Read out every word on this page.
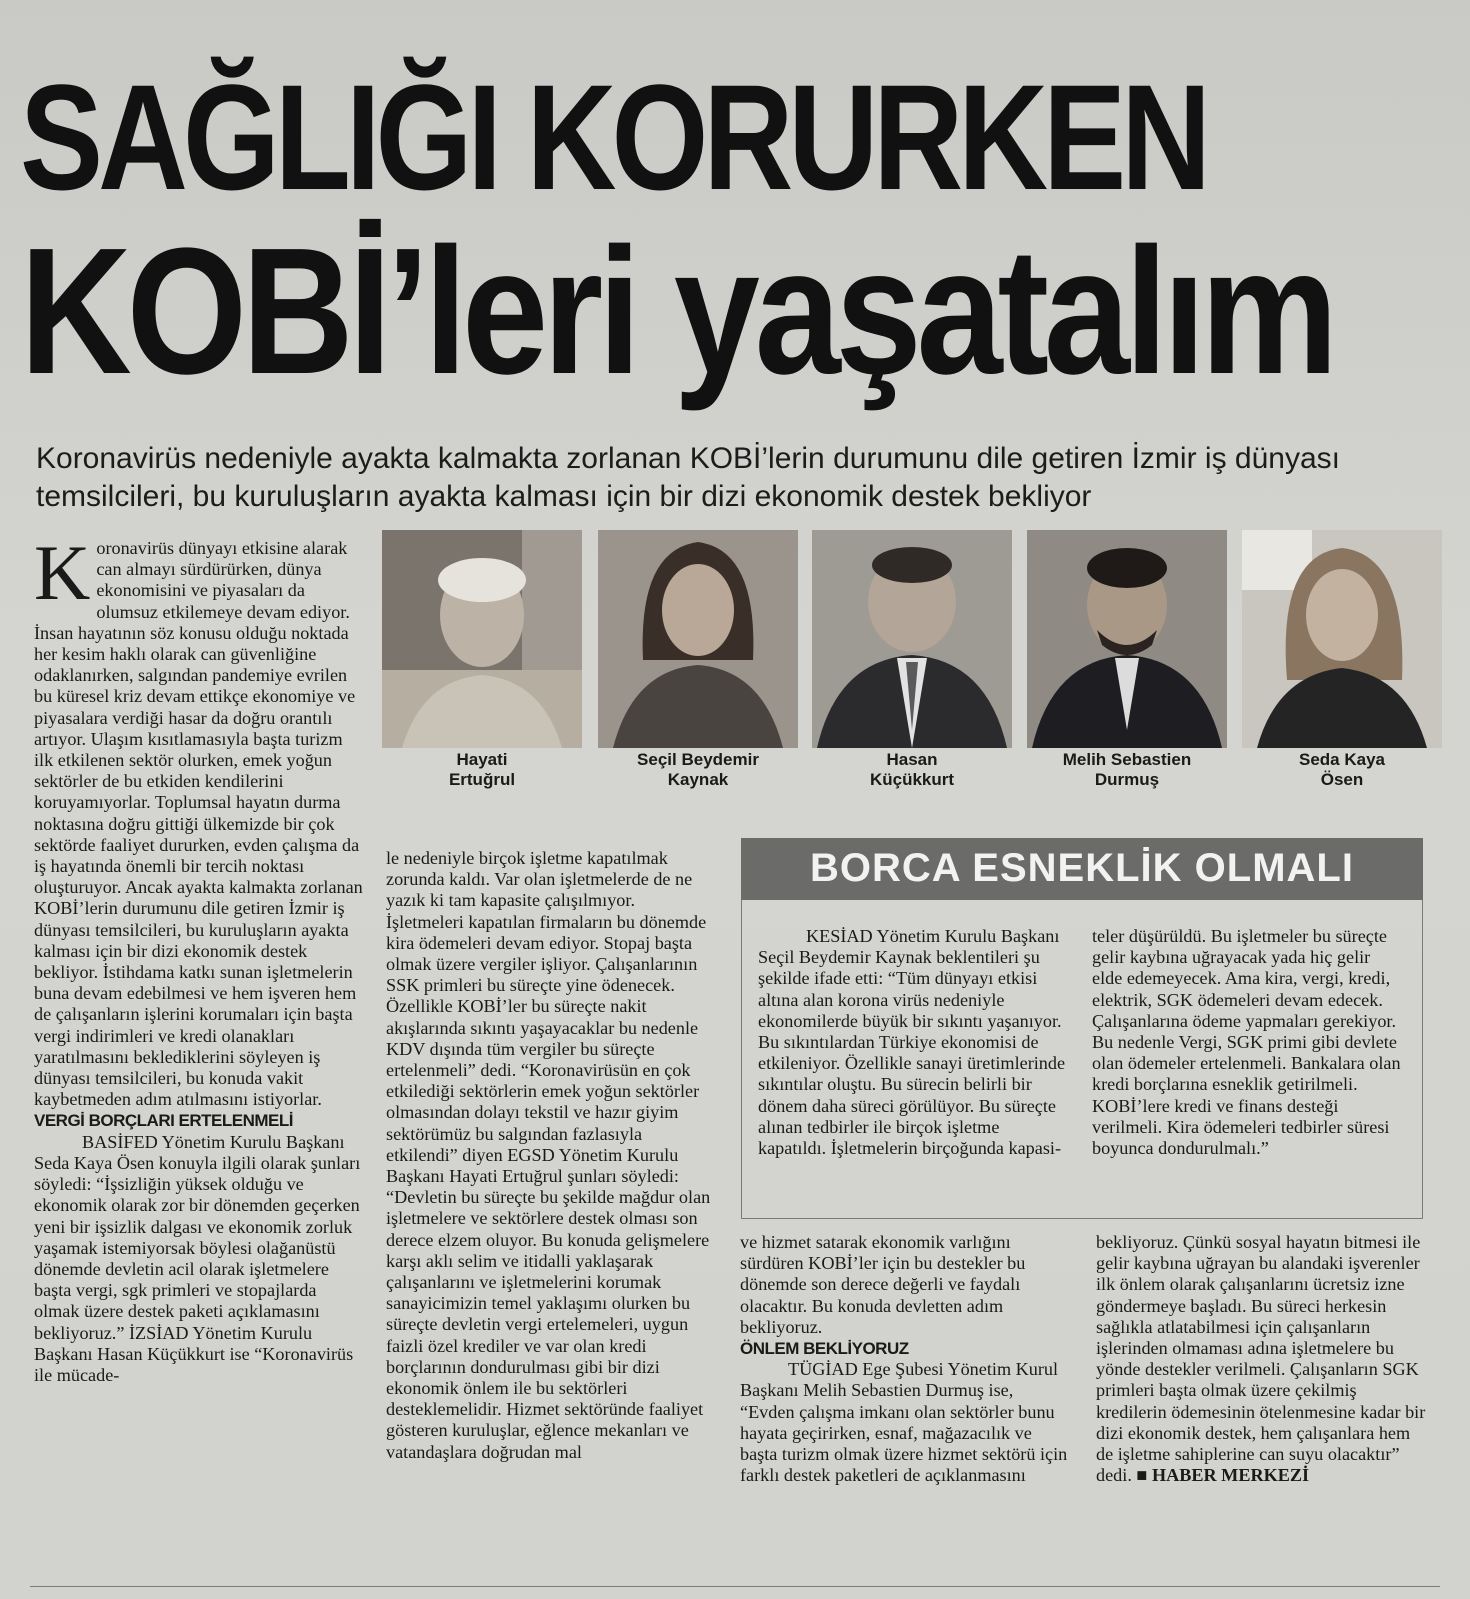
SAĞLIĞI KORURKEN
KOBİ’leri yaşatalım

Koronavirüs nedeniyle ayakta kalmakta zorlanan KOBİ’lerin durumunu dile getiren İzmir iş dünyası temsilcileri, bu kuruluşların ayakta kalması için bir dizi ekonomik destek bekliyor

Koronavirüs dünyayı etkisine alarak can almayı sürdürürken, dünya ekonomisini ve piyasaları da olumsuz etkilemeye devam ediyor. İnsan hayatının söz konusu olduğu noktada her kesim haklı olarak can güvenliğine odaklanırken, salgından pandemiye evrilen bu küresel kriz devam ettikçe ekonomiye ve piyasalara verdiği hasar da doğru orantılı artıyor. Ulaşım kısıtlamasıyla başta turizm ilk etkilenen sektör olurken, emek yoğun sektörler de bu etkiden kendilerini koruyamıyorlar. Toplumsal hayatın durma noktasına doğru gittiği ülkemizde bir çok sektörde faaliyet dururken, evden çalışma da iş hayatında önemli bir tercih noktası oluşturuyor. Ancak ayakta kalmakta zorlanan KOBİ’lerin durumunu dile getiren İzmir iş dünyası temsilcileri, bu kuruluşların ayakta kalması için bir dizi ekonomik destek bekliyor. İstihdama katkı sunan işletmelerin buna devam edebilmesi ve hem işveren hem de çalışanların işlerini korumaları için başta vergi indirimleri ve kredi olanakları yaratılmasını beklediklerini söyleyen iş dünyası temsilcileri, bu konuda vakit kaybetmeden adım atılmasını istiyorlar.

VERGİ BORÇLARI ERTELENMELİ

BASİFED Yönetim Kurulu Başkanı Seda Kaya Ösen konuyla ilgili olarak şunları söyledi: “İşsizliğin yüksek olduğu ve ekonomik olarak zor bir dönemden geçerken yeni bir işsizlik dalgası ve ekonomik zorluk yaşamak istemiyorsak böylesi olağanüstü dönemde devletin acil olarak işletmelere başta vergi, sgk primleri ve stopajlarda olmak üzere destek paketi açıklamasını bekliyoruz.” İZSİAD Yönetim Kurulu Başkanı Hasan Küçükkurt ise “Koronavirüs ile mücade-

Hayati
Ertuğrul
Seçil Beydemir
Kaynak
Hasan
Küçükkurt
Melih Sebastien
Durmuş
Seda Kaya
Ösen

le nedeniyle birçok işletme kapatılmak zorunda kaldı. Var olan işletmelerde de ne yazık ki tam kapasite çalışılmıyor. İşletmeleri kapatılan firmaların bu dönemde kira ödemeleri devam ediyor. Stopaj başta olmak üzere vergiler işliyor. Çalışanlarının SSK primleri bu süreçte yine ödenecek. Özellikle KOBİ’ler bu süreçte nakit akışlarında sıkıntı yaşayacaklar bu nedenle KDV dışında tüm vergiler bu süreçte ertelenmeli” dedi. “Koronavirüsün en çok etkilediği sektörlerin emek yoğun sektörler olmasından dolayı tekstil ve hazır giyim sektörümüz bu salgından fazlasıyla etkilendi” diyen EGSD Yönetim Kurulu Başkanı Hayati Ertuğrul şunları söyledi: “Devletin bu süreçte bu şekilde mağdur olan işletmelere ve sektörlere destek olması son derece elzem oluyor. Bu konuda gelişmelere karşı aklı selim ve itidalli yaklaşarak çalışanlarını ve işletmelerini korumak sanayicimizin temel yaklaşımı olurken bu süreçte devletin vergi ertelemeleri, uygun faizli özel krediler ve var olan kredi borçlarının dondurulması gibi bir dizi ekonomik önlem ile bu sektörleri desteklemelidir. Hizmet sektöründe faaliyet gösteren kuruluşlar, eğlence mekanları ve vatandaşlara doğrudan mal

BORCA ESNEKLİK OLMALI

KESİAD Yönetim Kurulu Başkanı Seçil Beydemir Kaynak beklentileri şu şekilde ifade etti: “Tüm dünyayı etkisi altına alan korona virüs nedeniyle ekonomilerde büyük bir sıkıntı yaşanıyor. Bu sıkıntılardan Türkiye ekonomisi de etkileniyor. Özellikle sanayi üretimlerinde sıkıntılar oluştu. Bu sürecin belirli bir dönem daha süreci görülüyor. Bu süreçte alınan tedbirler ile birçok işletme kapatıldı. İşletmelerin birçoğunda kapasi-

teler düşürüldü. Bu işletmeler bu süreçte gelir kaybına uğrayacak yada hiç gelir elde edemeyecek. Ama kira, vergi, kredi, elektrik, SGK ödemeleri devam edecek. Çalışanlarına ödeme yapmaları gerekiyor. Bu nedenle Vergi, SGK primi gibi devlete olan ödemeler ertelenmeli. Bankalara olan kredi borçlarına esneklik getirilmeli. KOBİ’lere kredi ve finans desteği verilmeli. Kira ödemeleri tedbirler süresi boyunca dondurulmalı.”

ve hizmet satarak ekonomik varlığını sürdüren KOBİ’ler için bu destekler bu dönemde son derece değerli ve faydalı olacaktır. Bu konuda devletten adım bekliyoruz.

ÖNLEM BEKLİYORUZ

TÜGİAD Ege Şubesi Yönetim Kurul Başkanı Melih Sebastien Durmuş ise, “Evden çalışma imkanı olan sektörler bunu hayata geçirirken, esnaf, mağazacılık ve başta turizm olmak üzere hizmet sektörü için farklı destek paketleri de açıklanmasını

bekliyoruz. Çünkü sosyal hayatın bitmesi ile gelir kaybına uğrayan bu alandaki işverenler ilk önlem olarak çalışanlarını ücretsiz izne göndermeye başladı. Bu süreci herkesin sağlıkla atlatabilmesi için çalışanların işlerinden olmaması adına işletmelere bu yönde destekler verilmeli. Çalışanların SGK primleri başta olmak üzere çekilmiş kredilerin ödemesinin ötelenmesine kadar bir dizi ekonomik destek, hem çalışanlara hem de işletme sahiplerine can suyu olacaktır” dedi. ■ HABER MERKEZİ
